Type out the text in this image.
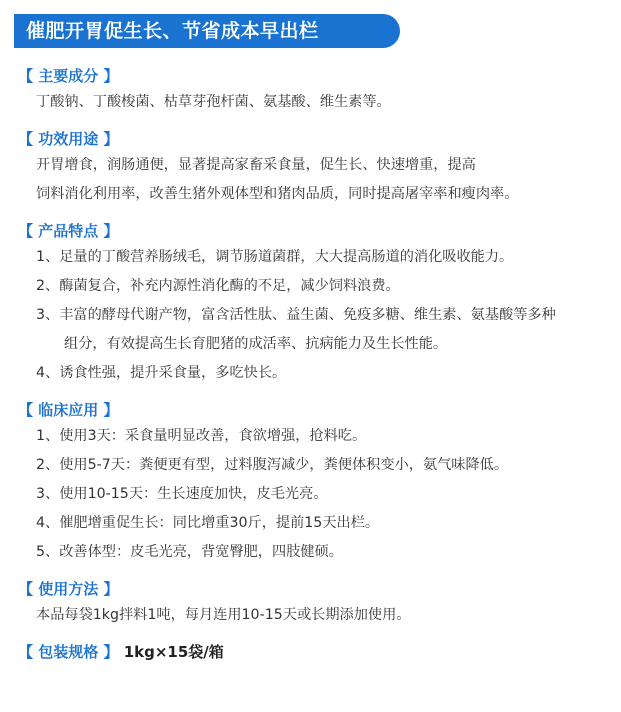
催肥开胃促生长、节省成本早出栏
【 主要成分 】
丁酸钠、丁酸梭菌、枯草芽孢杆菌、氨基酸、维生素等。
【 功效用途 】
开胃增食，润肠通便，显著提高家畜采食量，促生长、快速增重，提高
饲料消化利用率，改善生猪外观体型和猪肉品质，同时提高屠宰率和瘦肉率。
【 产品特点 】
1、足量的丁酸营养肠绒毛，调节肠道菌群，大大提高肠道的消化吸收能力。
2、酶菌复合，补充内源性消化酶的不足，减少饲料浪费。
3、丰富的酵母代谢产物，富含活性肽、益生菌、免疫多糖、维生素、氨基酸等多种
组分，有效提高生长育肥猪的成活率、抗病能力及生长性能。
4、诱食性强，提升采食量，多吃快长。
【 临床应用 】
1、使用3天：采食量明显改善，食欲增强，抢料吃。
2、使用5-7天：粪便更有型，过料腹泻减少，粪便体积变小，氨气味降低。
3、使用10-15天：生长速度加快，皮毛光亮。
4、催肥增重促生长：同比增重30斤，提前15天出栏。
5、改善体型：皮毛光亮，背宽臀肥，四肢健硕。
【 使用方法 】
本品每袋1kg拌料1吨，每月连用10-15天或长期添加使用。
【 包装规格 】 1kg×15袋/箱
